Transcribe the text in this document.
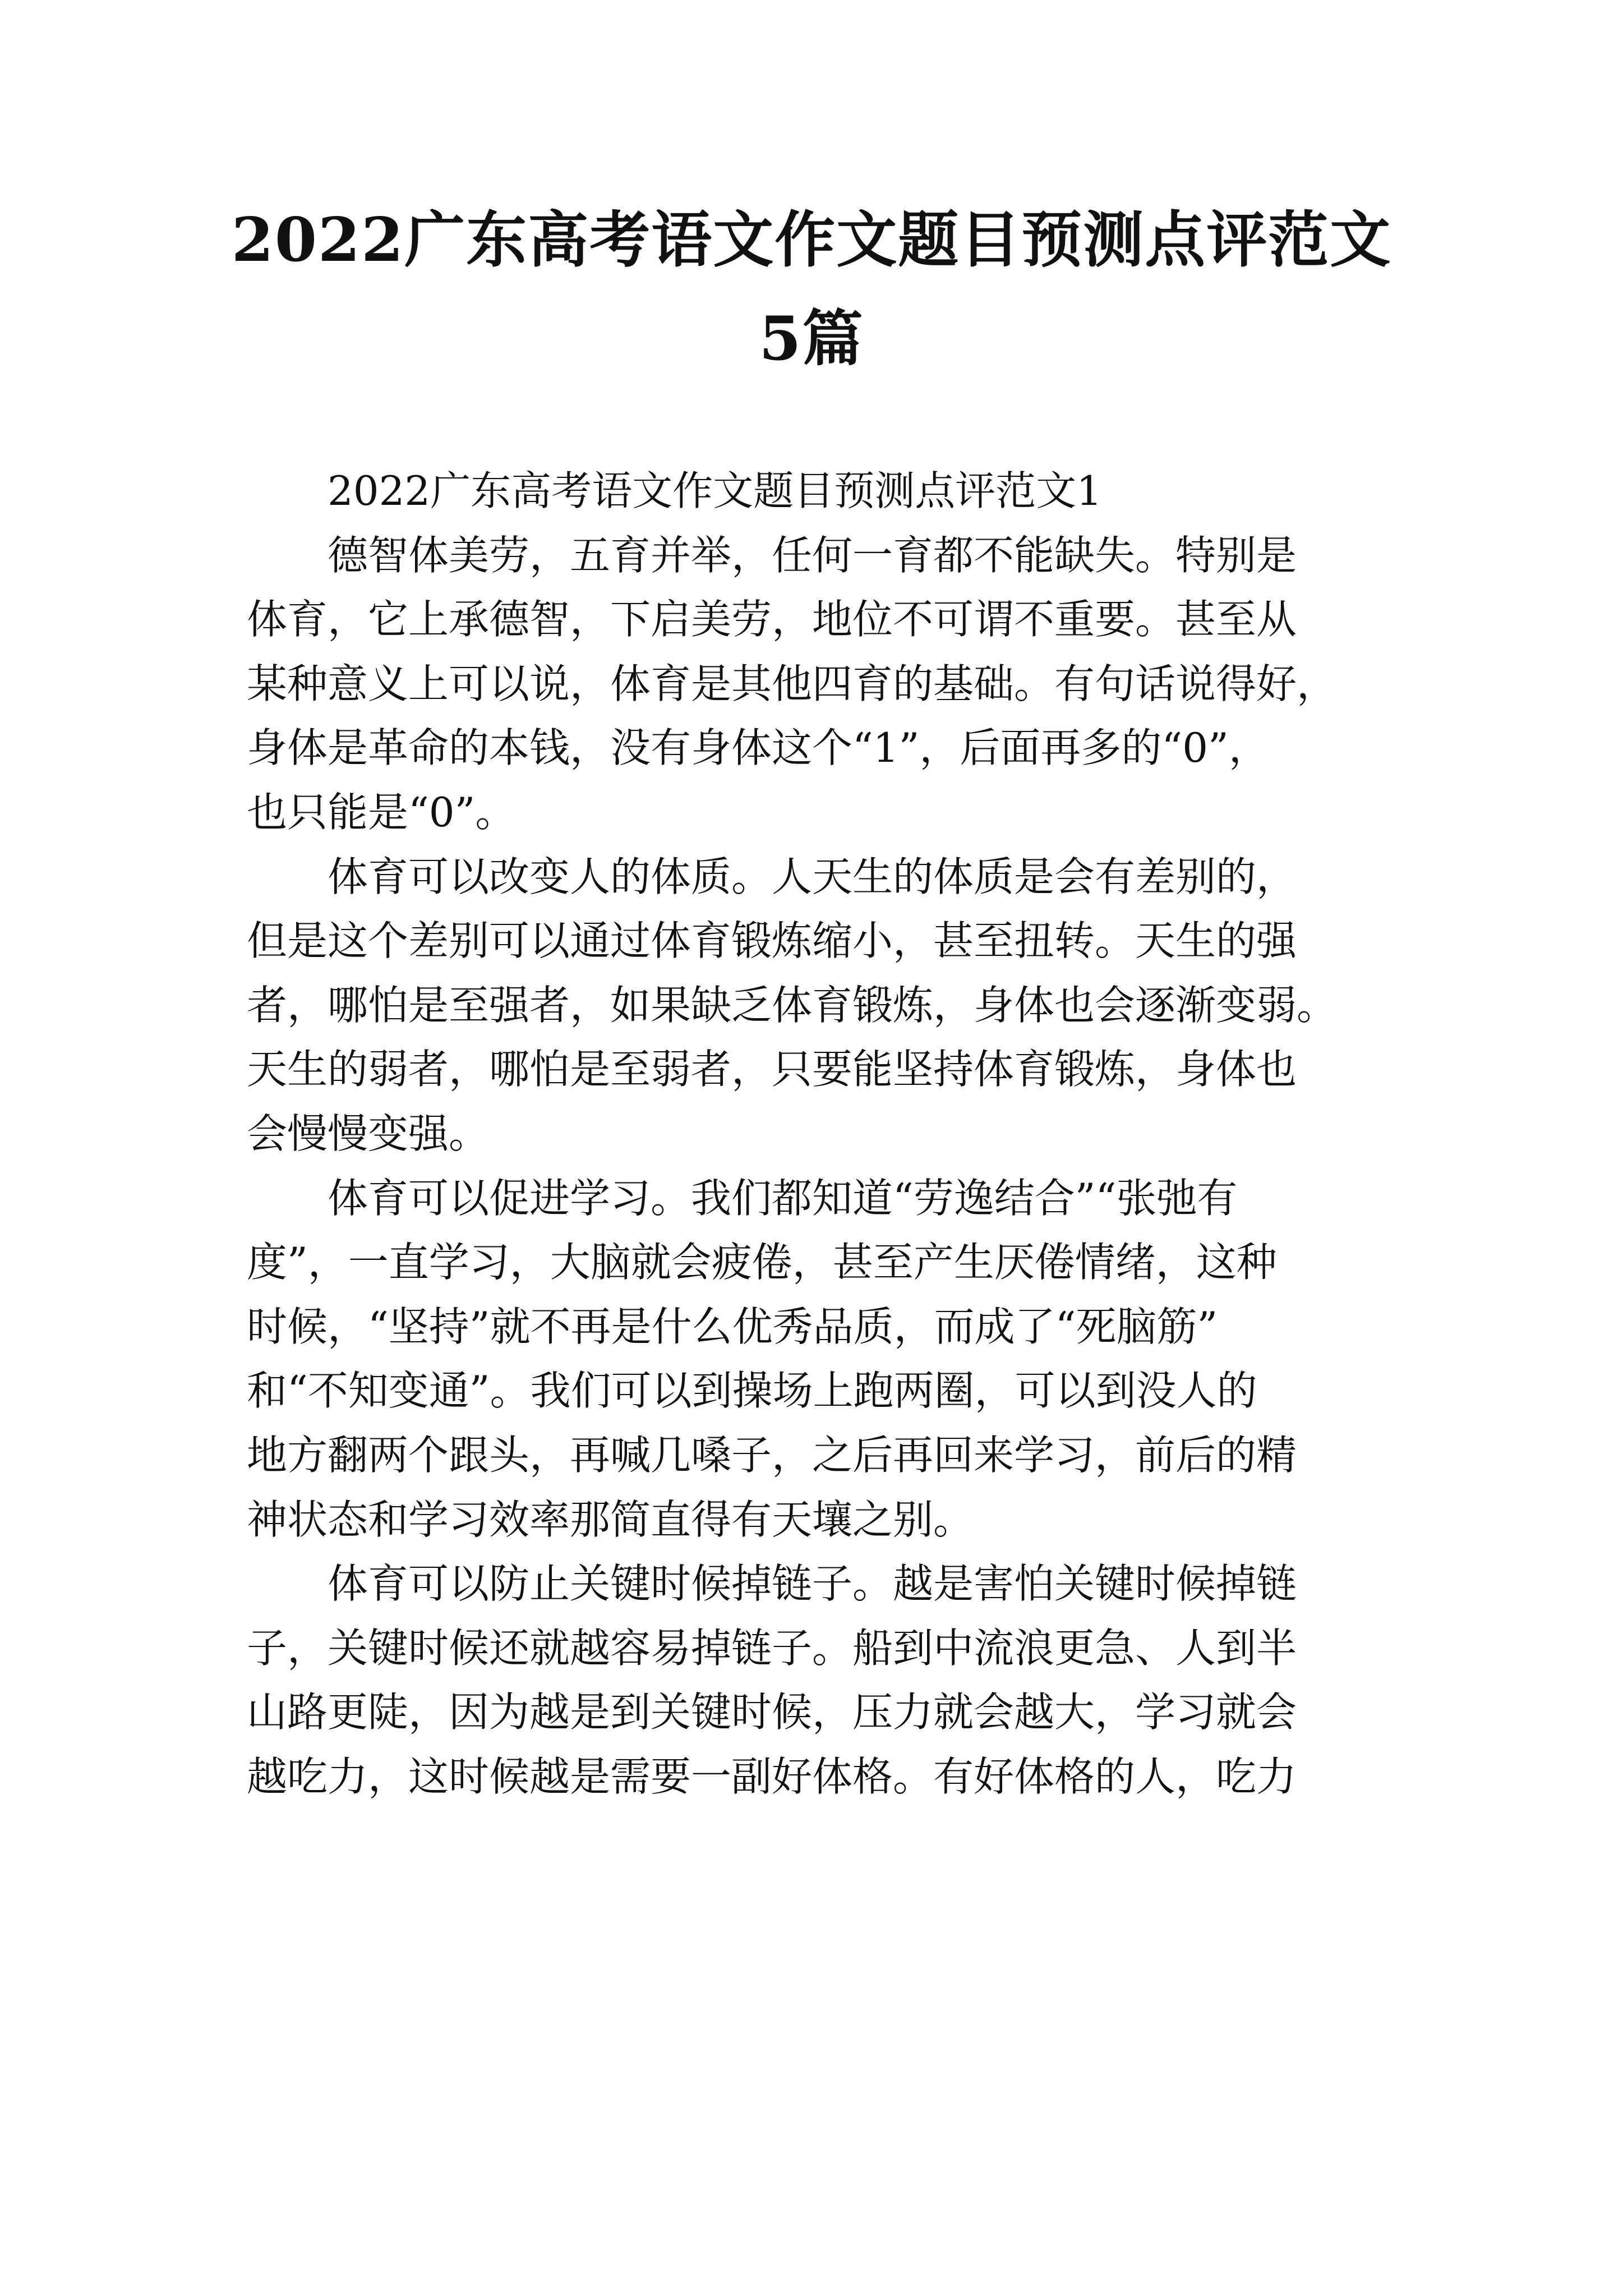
2022广东高考语文作文题目预测点评范文
5篇

2022广东高考语文作文题目预测点评范文1

德智体美劳，五育并举，任何一育都不能缺失。特别是
体育，它上承德智，下启美劳，地位不可谓不重要。甚至从
某种意义上可以说，体育是其他四育的基础。有句话说得好，
身体是革命的本钱，没有身体这个“1”，后面再多的“0”，
也只能是“0”。

体育可以改变人的体质。人天生的体质是会有差别的，
但是这个差别可以通过体育锻炼缩小，甚至扭转。天生的强
者，哪怕是至强者，如果缺乏体育锻炼，身体也会逐渐变弱。
天生的弱者，哪怕是至弱者，只要能坚持体育锻炼，身体也
会慢慢变强。

体育可以促进学习。我们都知道“劳逸结合”“张弛有
度”，一直学习，大脑就会疲倦，甚至产生厌倦情绪，这种
时候，“坚持”就不再是什么优秀品质，而成了“死脑筋”
和“不知变通”。我们可以到操场上跑两圈，可以到没人的
地方翻两个跟头，再喊几嗓子，之后再回来学习，前后的精
神状态和学习效率那简直得有天壤之别。

体育可以防止关键时候掉链子。越是害怕关键时候掉链
子，关键时候还就越容易掉链子。船到中流浪更急、人到半
山路更陡，因为越是到关键时候，压力就会越大，学习就会
越吃力，这时候越是需要一副好体格。有好体格的人，吃力
